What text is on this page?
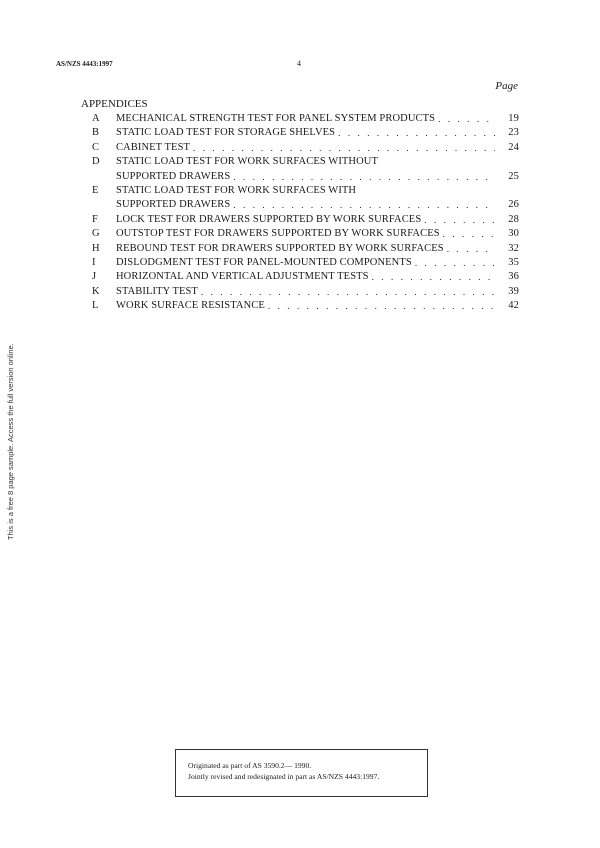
AS/NZS 4443:1997	4
Page
This is a free 8 page sample. Access the full version online.
APPENDICES
A	MECHANICAL STRENGTH TEST FOR PANEL SYSTEM PRODUCTS . . .	19
B	STATIC LOAD TEST FOR STORAGE SHELVES . . .	23
C	CABINET TEST . . .	24
D	STATIC LOAD TEST FOR WORK SURFACES WITHOUT
SUPPORTED DRAWERS . . .	25
E	STATIC LOAD TEST FOR WORK SURFACES WITH
SUPPORTED DRAWERS . . .	26
F	LOCK TEST FOR DRAWERS SUPPORTED BY WORK SURFACES . . .	28
G	OUTSTOP TEST FOR DRAWERS SUPPORTED BY WORK SURFACES . . .	30
H	REBOUND TEST FOR DRAWERS SUPPORTED BY WORK SURFACES . . .	32
I	DISLODGMENT TEST FOR PANEL-MOUNTED COMPONENTS . . .	35
J	HORIZONTAL AND VERTICAL ADJUSTMENT TESTS . . .	36
K	STABILITY TEST . . .	39
L	WORK SURFACE RESISTANCE . . .	42
Originated as part of AS 3590.2— 1990.
Jointly revised and redesignated in part as AS/NZS 4443:1997.
